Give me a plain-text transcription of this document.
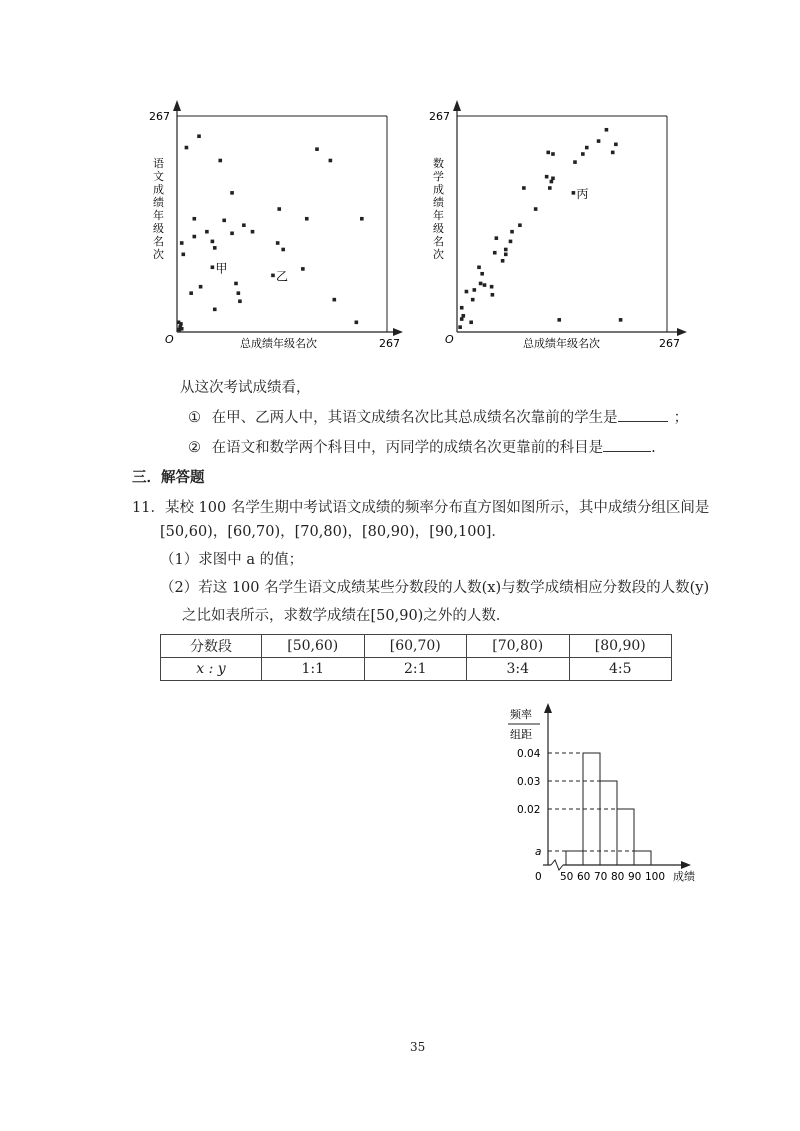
267
O	总成绩年级名次	267
语
文
成
绩
年
级
名
次
甲
乙
267
O	总成绩年级名次	267
数
学
成
绩
年
级
名
次
丙
从这次考试成绩看，
① 在甲、乙两人中，其语文成绩名次比其总成绩名次靠前的学生是	；
② 在语文和数学两个科目中，丙同学的成绩名次更靠前的科目是	.
三．解答题
11．某校 100 名学生期中考试语文成绩的频率分布直方图如图所示，其中成绩分组区间是
[50,60)，[60,70)，[70,80)，[80,90)，[90,100]．
（1）求图中 a 的值；
（2）若这 100 名学生语文成绩某些分数段的人数(x)与数学成绩相应分数段的人数(y)
之比如表所示，求数学成绩在[50,90)之外的人数．
分数段	[50,60)	[60,70)	[70,80)	[80,90)
x : y	1:1	2:1	3:4	4:5
频率
组距
a
0.02
0.03
0.04
0 50 60 70 80 90 100 成绩
35
